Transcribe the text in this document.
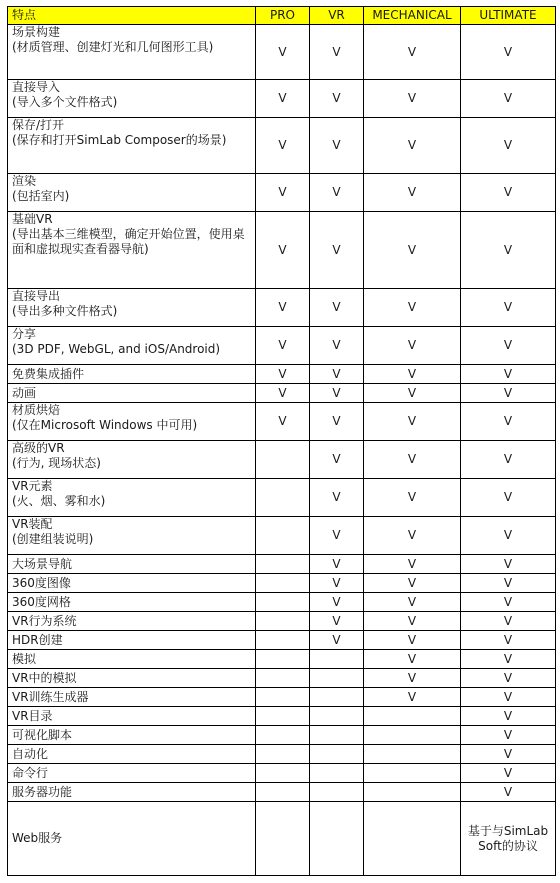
特点	PRO	VR	MECHANICAL	ULTIMATE

场景构建
(材质管理、创建灯光和几何图形工具)	V	V	V	V

直接导入
(导入多个文件格式)	V	V	V	V

保存/打开
(保存和打开SimLab Composer的场景)	V	V	V	V

渲染
(包括室内)	V	V	V	V

基础VR
(导出基本三维模型，确定开始位置，使用桌面和虚拟现实查看器导航)	V	V	V	V

直接导出
(导出多种文件格式)	V	V	V	V

分享
(3D PDF, WebGL, and iOS/Android)	V	V	V	V

免费集成插件	V	V	V	V

动画	V	V	V	V

材质烘焙
(仅在Microsoft Windows 中可用)	V	V	V	V

高级的VR
(行为, 现场状态)		V	V	V

VR元素
(火、烟、雾和水)		V	V	V

VR装配
(创建组装说明)		V	V	V

大场景导航		V	V	V

360度图像		V	V	V

360度网格		V	V	V

VR行为系统		V	V	V

HDR创建		V	V	V

模拟			V	V

VR中的模拟			V	V

VR训练生成器			V	V

VR目录				V

可视化脚本				V

自动化				V

命令行				V

服务器功能				V

Web服务				基于与SimLab Soft的协议
